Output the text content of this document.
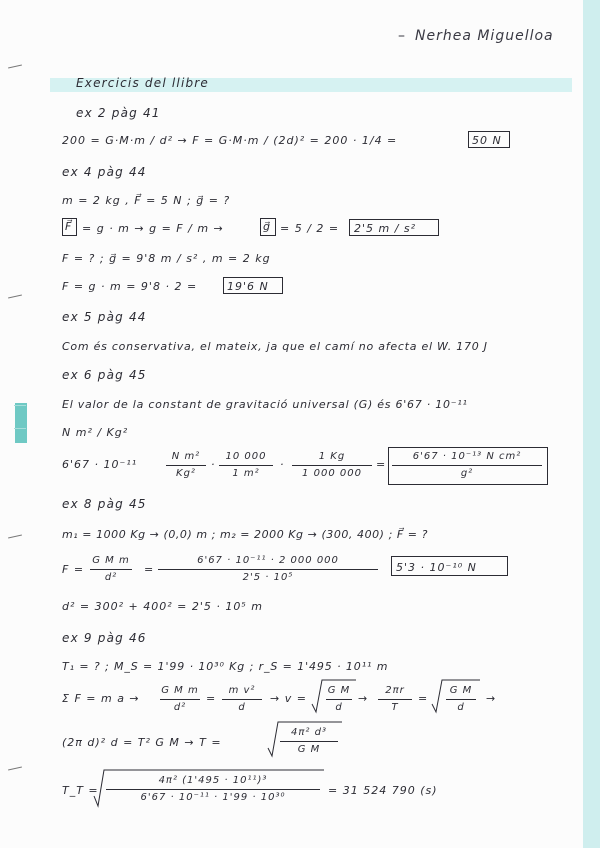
– Nerhea Miguelloa
Exercicis del llibre
ex 2 pàg 41
200 = G·M·m / d² → F = G·M·m / (2d)² = 200 · 1/4 =	50 N
ex 4 pàg 44
m = 2 kg , F⃗ = 5 N ; g⃗ = ?
F⃗ = g · m → g = F / m →	g⃗ = 5 / 2 = 2'5 m / s²
F = ? ; g⃗ = 9'8 m / s² , m = 2 kg
F = g · m = 9'8 · 2 =	19'6 N
ex 5 pàg 44
Com és conservativa, el mateix, ja que el camí no afecta el W. 170 J
ex 6 pàg 45
El valor de la constant de gravitació universal (G) és 6'67 · 10⁻¹¹
N m² / Kg²
6'67 · 10⁻¹¹
N m²
Kg²
·
10 000
1 m²
·
1 Kg
1 000 000
=
6'67 · 10⁻¹³ N cm²
g²
ex 8 pàg 45
m₁ = 1000 Kg → (0,0) m ; m₂ = 2000 Kg → (300, 400) ; F⃗ = ?
F =
G M m
d²
=
6'67 · 10⁻¹¹ · 2 000 000
2'5 · 10⁵
5'3 · 10⁻¹⁰ N
d² = 300² + 400² = 2'5 · 10⁵ m
ex 9 pàg 46
T₁ = ? ; M_S = 1'99 · 10³⁰ Kg ; r_S = 1'495 · 10¹¹ m
Σ F = m a →
G M m
d²
=
m v²
d
→ v =
G M
d
→
2πr
T
=
G M
d
→
(2π d)² d = T² G M → T =
4π² d³
G M
T_T =
4π² (1'495 · 10¹¹)³
6'67 · 10⁻¹¹ · 1'99 · 10³⁰
= 31 524 790 (s)
